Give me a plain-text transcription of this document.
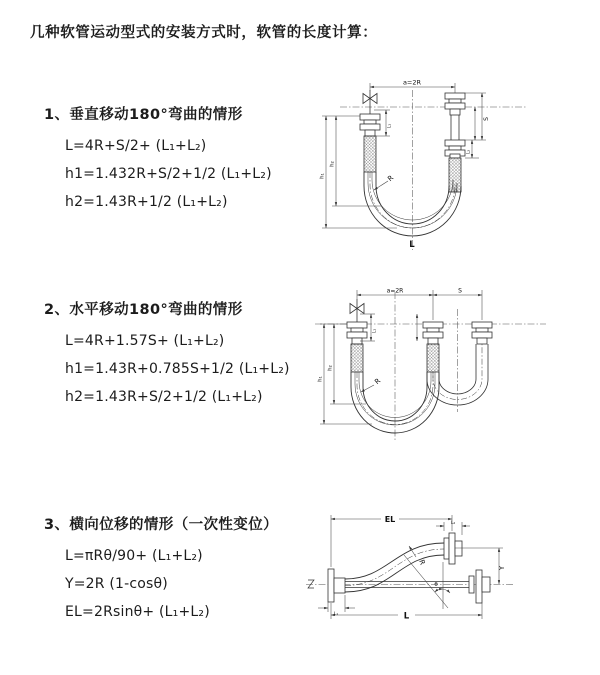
几种软管运动型式的安装方式时，软管的长度计算：
1、垂直移动180°弯曲的情形
L=4R+S/2+ (L₁+L₂)
h1=1.432R+S/2+1/2 (L₁+L₂)
h2=1.43R+1/2 (L₁+L₂)
2、水平移动180°弯曲的情形
L=4R+1.57S+ (L₁+L₂)
h1=1.43R+0.785S+1/2 (L₁+L₂)
h2=1.43R+S/2+1/2 (L₁+L₂)
3、横向位移的情形（一次性变位）
L=πRθ/90+ (L₁+L₂)
Y=2R (1-cosθ)
EL=2Rsinθ+ (L₁+L₂)
a=2R
S
L₂
h₁
h₂
L₁
R
L
a=2R	S
h₁
h₂
L₁
R
EL	L₂
Y
L₁	L
R
θ
